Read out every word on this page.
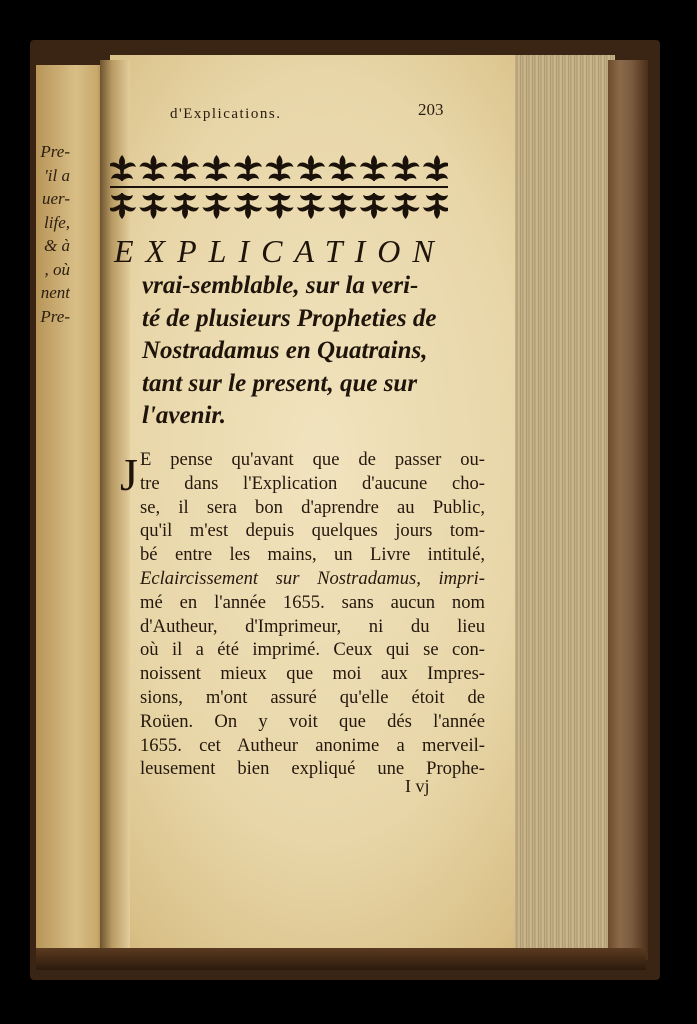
Pre-
'il a
uer-
life,
& à
, où
nent
Pre-
d'Explications.	203
EXPLICATION
vrai-semblable, sur la veri-
té de plusieurs Propheties de
Nostradamus en Quatrains,
tant sur le present, que sur
l'avenir.
J E pense qu'avant que de passer ou-
tre dans l'Explication d'aucune cho-
se, il sera bon d'aprendre au Public,
qu'il m'est depuis quelques jours tom-
bé entre les mains, un Livre intitulé,
Eclaircissement sur Nostradamus, impri-
mé en l'année 1655. sans aucun nom
d'Autheur, d'Imprimeur, ni du lieu
où il a été imprimé. Ceux qui se con-
noissent mieux que moi aux Impres-
sions, m'ont assuré qu'elle étoit de
Roüen. On y voit que dés l'année
1655. cet Autheur anonime a merveil-
leusement bien expliqué une Prophe-
I vj
